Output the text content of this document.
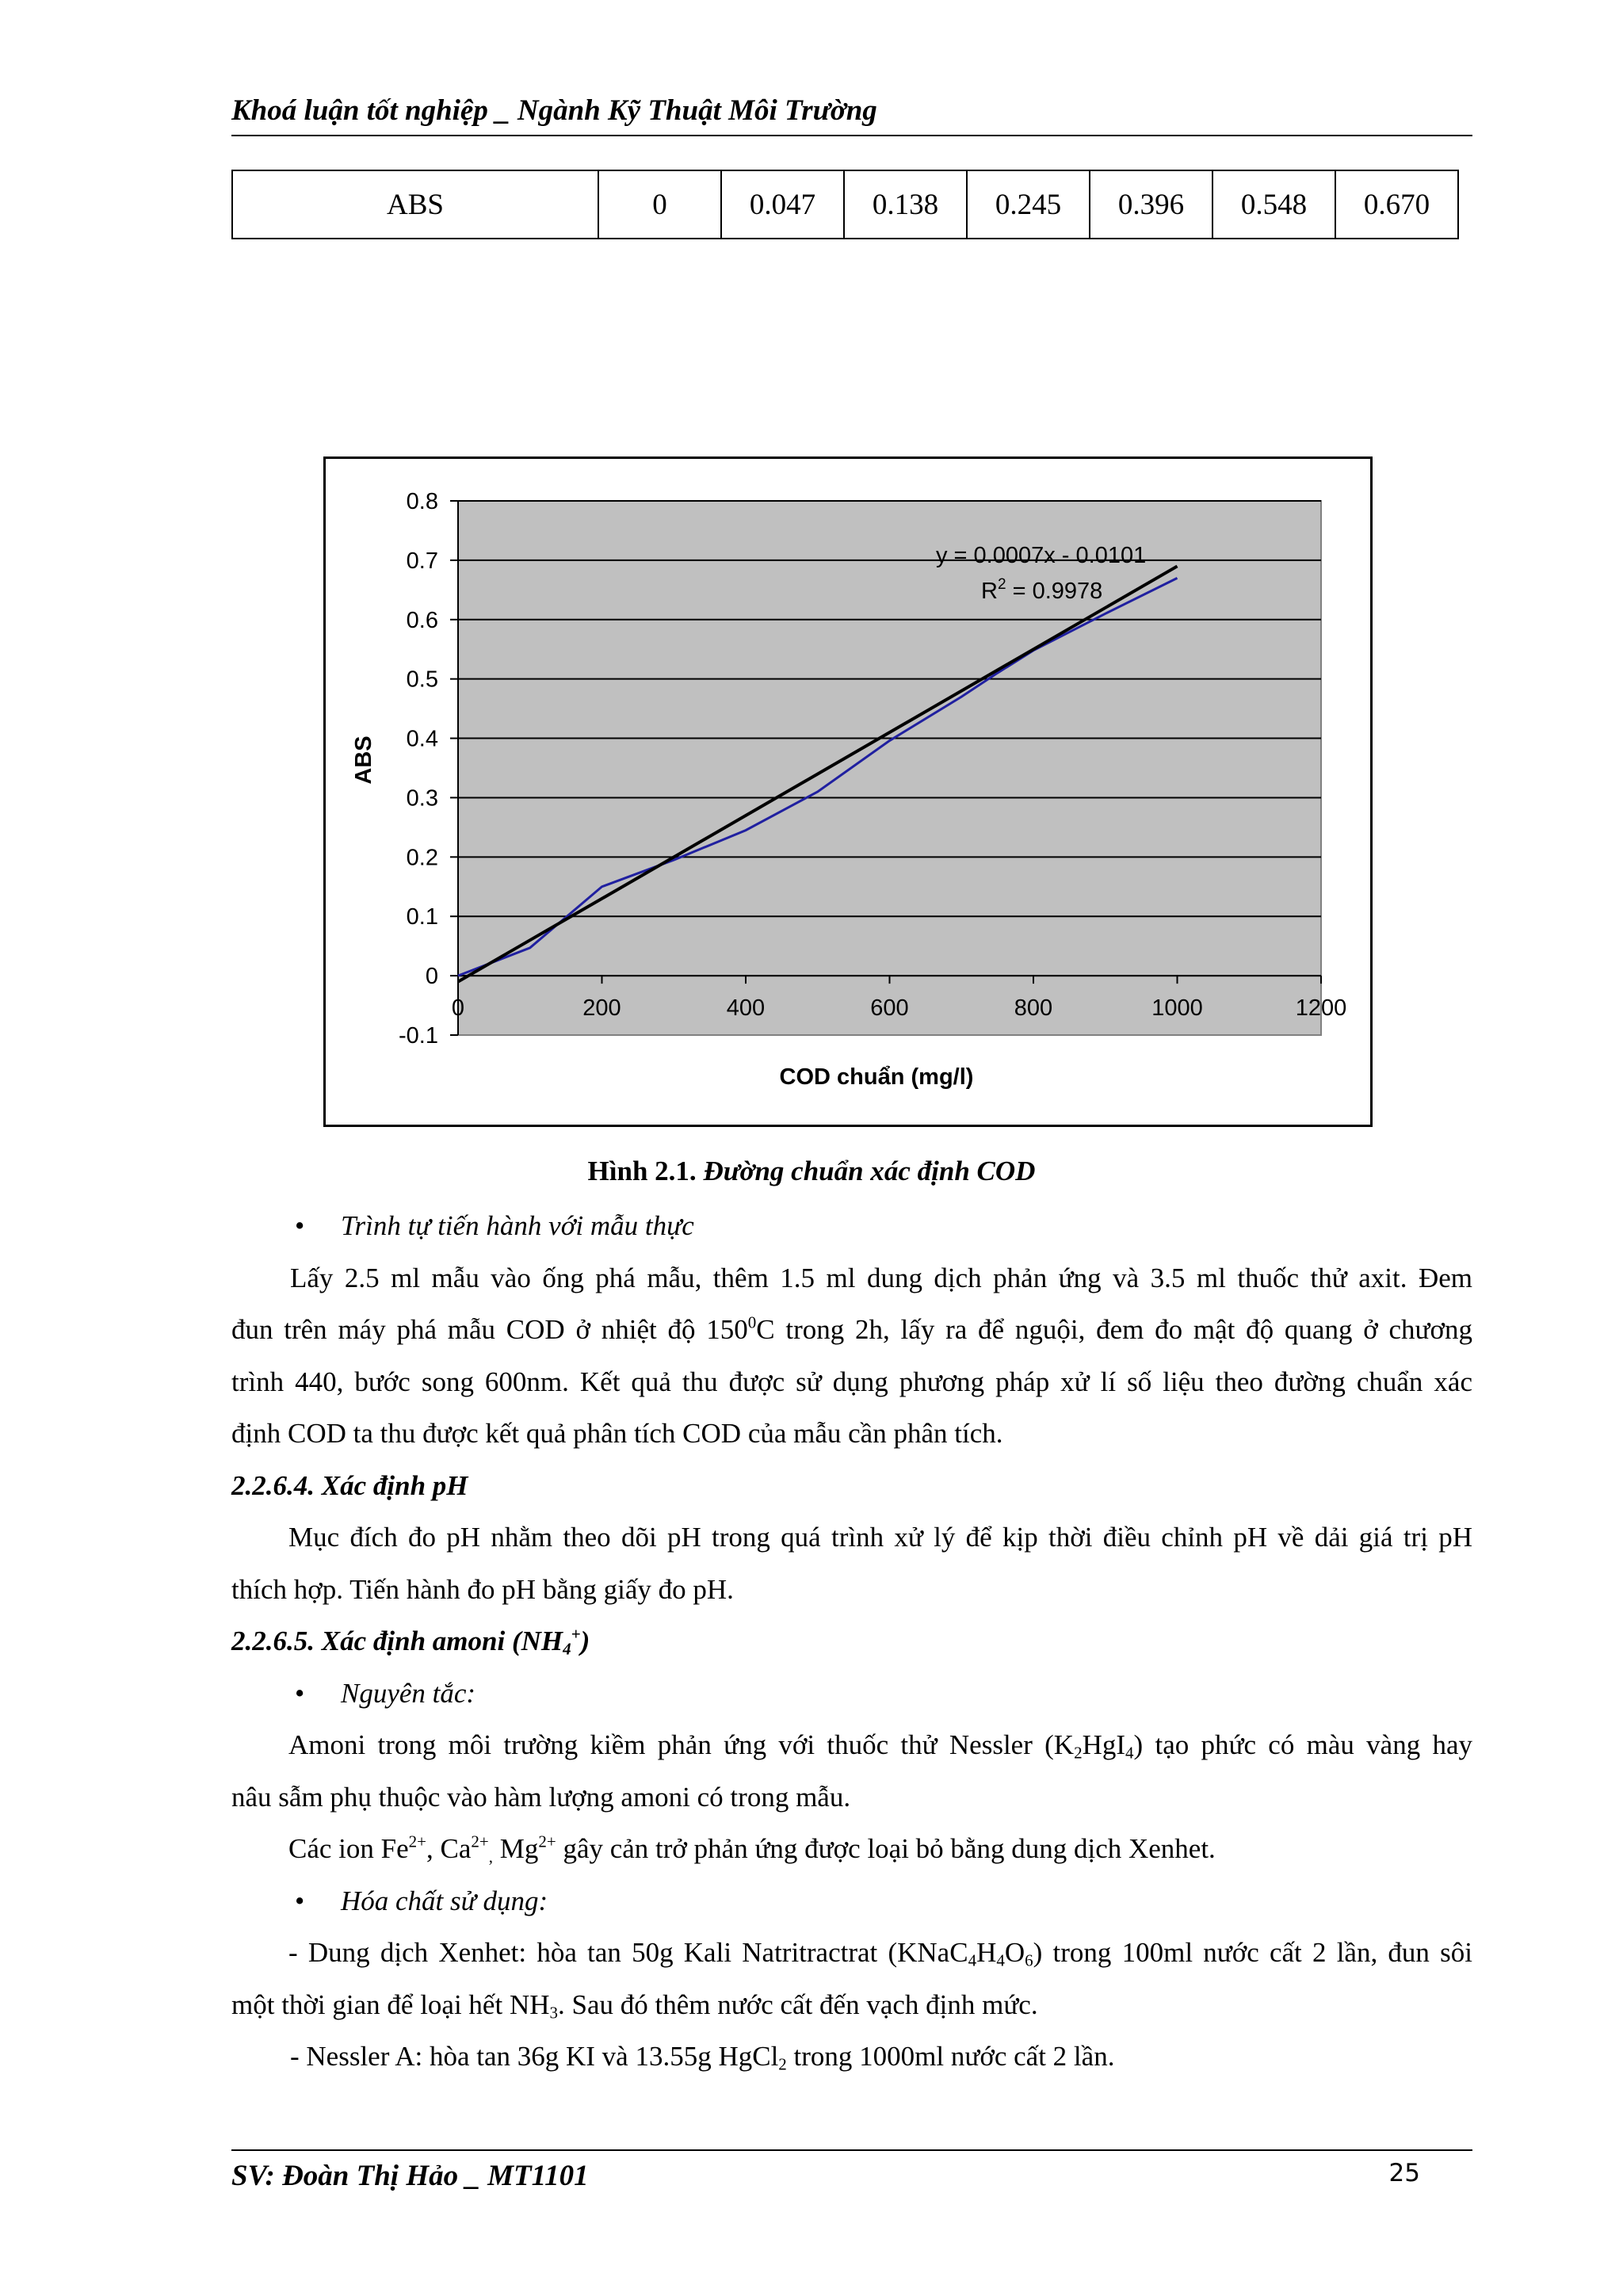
Khoá luận tốt nghiệp _ Ngành Kỹ Thuật Môi Trường
ABS	0	0.047	0.138	0.245	0.396	0.548	0.670
0.8
0.7
0.6
0.5
0.4
0.3
0.2
0.1
0
-0.1
0	200	400	600	800	1000	1200
y = 0.0007x - 0.0101
$R^2 = 0.9978$
ABS
COD chuẩn (mg/l)
Hình 2.1. Đường chuẩn xác định COD
• Trình tự tiến hành với mẫu thực
Lấy 2.5 ml mẫu vào ống phá mẫu, thêm 1.5 ml dung dịch phản ứng và 3.5 ml thuốc thử axit. Đem
đun trên máy phá mẫu COD ở nhiệt độ $150^0C$ trong 2h, lấy ra để nguội, đem đo mật độ quang ở chương
trình 440, bước song 600nm. Kết quả thu được sử dụng phương pháp xử lí số liệu theo đường chuẩn xác
định COD ta thu được kết quả phân tích COD của mẫu cần phân tích.
2.2.6.4. Xác định pH
Mục đích đo pH nhằm theo dõi pH trong quá trình xử lý để kịp thời điều chỉnh pH về dải giá trị pH
thích hợp. Tiến hành đo pH bằng giấy đo pH.
2.2.6.5. Xác định amoni $(NH_4^+)$
• Nguyên tắc:
Amoni trong môi trường kiềm phản ứng với thuốc thử Nessler $(K_2HgI_4)$ tạo phức có màu vàng hay
nâu sẫm phụ thuộc vào hàm lượng amoni có trong mẫu.
Các ion $Fe^{2+}$, $Ca^{2+}_,$ $Mg^{2+}$ gây cản trở phản ứng được loại bỏ bằng dung dịch Xenhet.
• Hóa chất sử dụng:
- Dung dịch Xenhet: hòa tan 50g Kali Natritractrat $(KNaC_4H_4O_6)$ trong 100ml nước cất 2 lần, đun sôi
một thời gian để loại hết $NH_3$. Sau đó thêm nước cất đến vạch định mức.
- Nessler A: hòa tan 36g KI và 13.55g HgCl$_2$ trong 1000ml nước cất 2 lần.
SV: Đoàn Thị Hảo _ MT1101	25
